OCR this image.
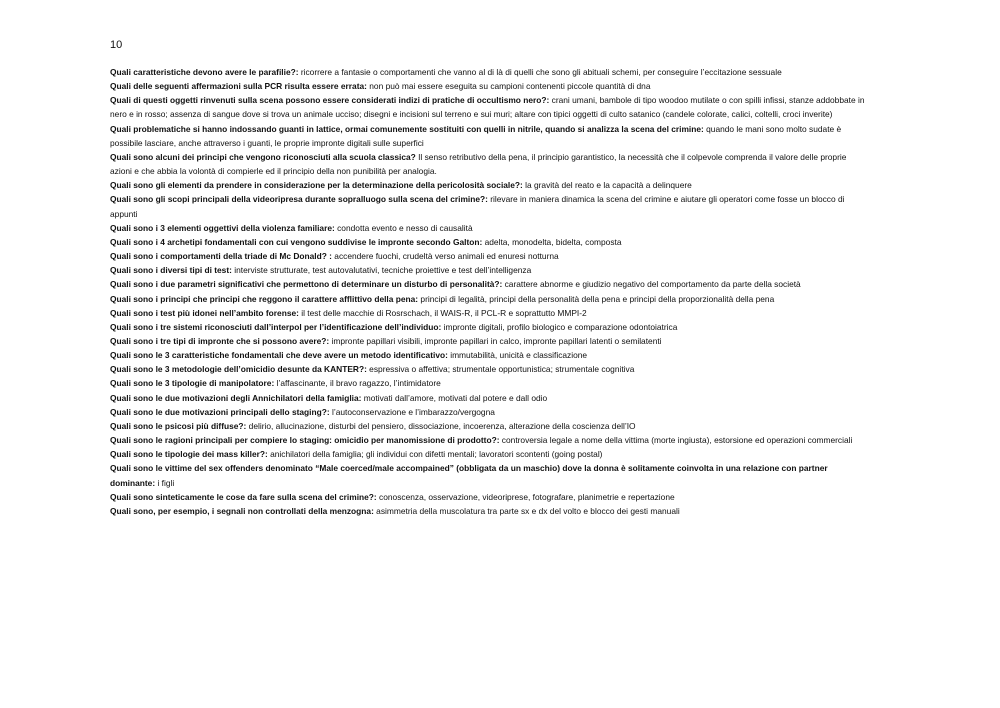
10
Quali caratteristiche devono avere le parafilie?: ricorrere a fantasie o comportamenti che vanno al di là di quelli che sono gli abituali schemi, per conseguire l’eccitazione sessuale
Quali delle seguenti affermazioni sulla PCR risulta essere errata: non può mai essere eseguita su campioni contenenti piccole quantità di dna
Quali di questi oggetti rinvenuti sulla scena possono essere considerati indizi di pratiche di occultismo nero?: crani umani, bambole di tipo woodoo mutilate o con spilli infissi, stanze addobbate in nero e in rosso; assenza di sangue dove si trova un animale ucciso; disegni e incisioni sul terreno e sui muri; altare con tipici oggetti di culto satanico (candele colorate, calici, coltelli, croci inverite)
Quali problematiche si hanno indossando guanti in lattice, ormai comunemente sostituiti con quelli in nitrile, quando si analizza la scena del crimine: quando le mani sono molto sudate è possibile lasciare, anche attraverso i guanti, le proprie impronte digitali sulle superfici
Quali sono alcuni dei principi che vengono riconosciuti alla scuola classica? Il senso retributivo della pena, il principio garantistico, la necessità che il colpevole comprenda il valore delle proprie azioni e che abbia la volontà di compierle ed il principio della non punibilità per analogia.
Quali sono gli elementi da prendere in considerazione per la determinazione della pericolosità sociale?: la gravità del reato e la capacità a delinquere
Quali sono gli scopi principali della videoripresa durante sopralluogo sulla scena del crimine?: rilevare in maniera dinamica la scena del crimine e aiutare gli operatori come fosse un blocco di appunti
Quali sono i 3 elementi oggettivi della violenza familiare: condotta evento e nesso di causalità
Quali sono i 4 archetipi fondamentali con cui vengono suddivise le impronte secondo Galton: adelta, monodelta, bidelta, composta
Quali sono i comportamenti della triade di Mc Donald? : accendere fuochi, crudeltà verso animali ed enuresi notturna
Quali sono i diversi tipi di test: interviste strutturate, test autovalutativi, tecniche proiettive e test dell’intelligenza
Quali sono i due parametri significativi che permettono di determinare un disturbo di personalità?: carattere abnorme e giudizio negativo del comportamento da parte della società
Quali sono i principi che principi che reggono il carattere afflittivo della pena: principi di legalità, principi della personalità della pena e principi della proporzionalità della pena
Quali sono i test più idonei nell’ambito forense: il test delle macchie di Rosrschach, il WAIS-R, il PCL-R e soprattutto MMPI-2
Quali sono i tre sistemi riconosciuti dall’interpol per l’identificazione dell’individuo: impronte digitali, profilo biologico e comparazione odontoiatrica
Quali sono i tre tipi di impronte che si possono avere?: impronte papillari visibili, impronte papillari in calco, impronte papillari latenti o semilatenti
Quali sono le 3 caratteristiche fondamentali che deve avere un metodo identificativo: immutabilità, unicità e classificazione
Quali sono le 3 metodologie dell’omicidio desunte da KANTER?: espressiva o affettiva; strumentale opportunistica; strumentale cognitiva
Quali sono le 3 tipologie di manipolatore: l’affascinante, il bravo ragazzo, l’intimidatore
Quali sono le due motivazioni degli Annichilatori della famiglia: motivati dall’amore, motivati dal potere e dall odio
Quali sono le due motivazioni principali dello staging?: l’autoconservazione e l’imbarazzo/vergogna
Quali sono le psicosi più diffuse?: delirio, allucinazione, disturbi del pensiero, dissociazione, incoerenza, alterazione della coscienza dell’IO
Quali sono le ragioni principali per compiere lo staging: omicidio per manomissione di prodotto?: controversia legale a nome della vittima (morte ingiusta), estorsione ed operazioni commerciali
Quali sono le tipologie dei mass killer?: anichilatori della famiglia; gli individui con difetti mentali; lavoratori scontenti (going postal)
Quali sono le vittime del sex offenders denominato “Male coerced/male accompained” (obbligata da un maschio) dove la donna è solitamente coinvolta in una relazione con partner dominante: i figli
Quali sono sinteticamente le cose da fare sulla scena del crimine?: conoscenza, osservazione, videoriprese, fotografare, planimetrie e repertazione
Quali sono, per esempio, i segnali non controllati della menzogna: asimmetria della muscolatura tra parte sx e dx del volto e blocco dei gesti manuali
